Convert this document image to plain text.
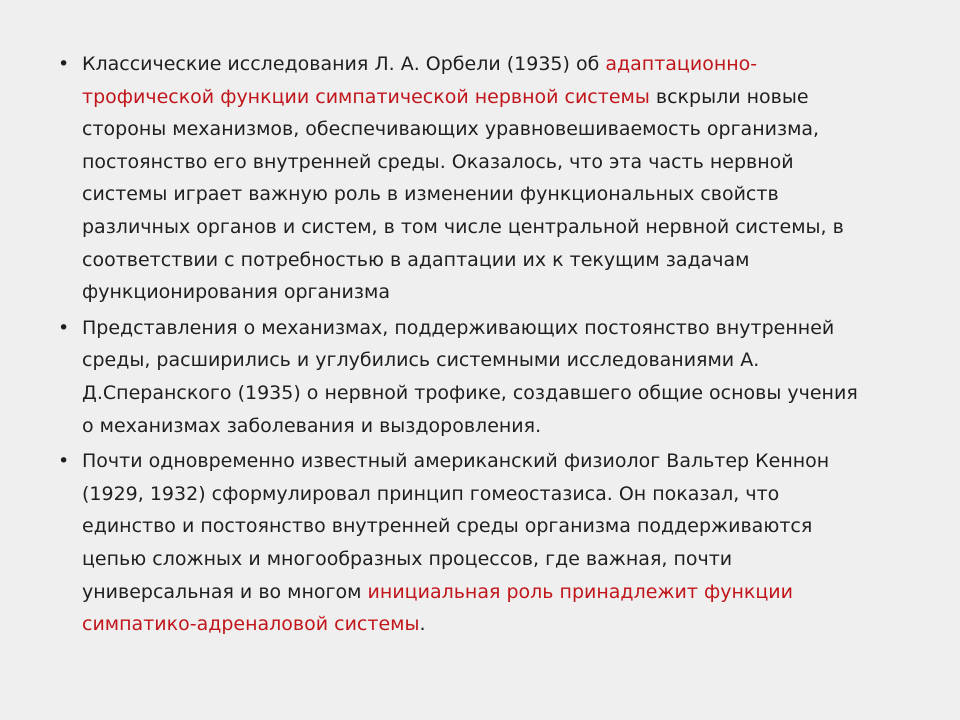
• Классические исследования Л. А. Орбели (1935) об адаптационно-трофической функции симпатической нервной системы вскрыли новые стороны механизмов, обеспечивающих уравновешиваемость организма, постоянство его внутренней среды. Оказалось, что эта часть нервной системы играет важную роль в изменении функциональных свойств различных органов и систем, в том числе центральной нервной системы, в соответствии с потребностью в адаптации их к текущим задачам функционирования организма
• Представления о механизмах, поддерживающих постоянство внутренней среды, расширились и углубились системными исследованиями А. Д.Сперанского (1935) о нервной трофике, создавшего общие основы учения о механизмах заболевания и выздоровления.
• Почти одновременно известный американский физиолог Вальтер Кеннон (1929, 1932) сформулировал принцип гомеостазиса. Он показал, что единство и постоянство внутренней среды организма поддерживаются цепью сложных и многообразных процессов, где важная, почти универсальная и во многом инициальная роль принадлежит функции симпатико-адреналовой системы.
